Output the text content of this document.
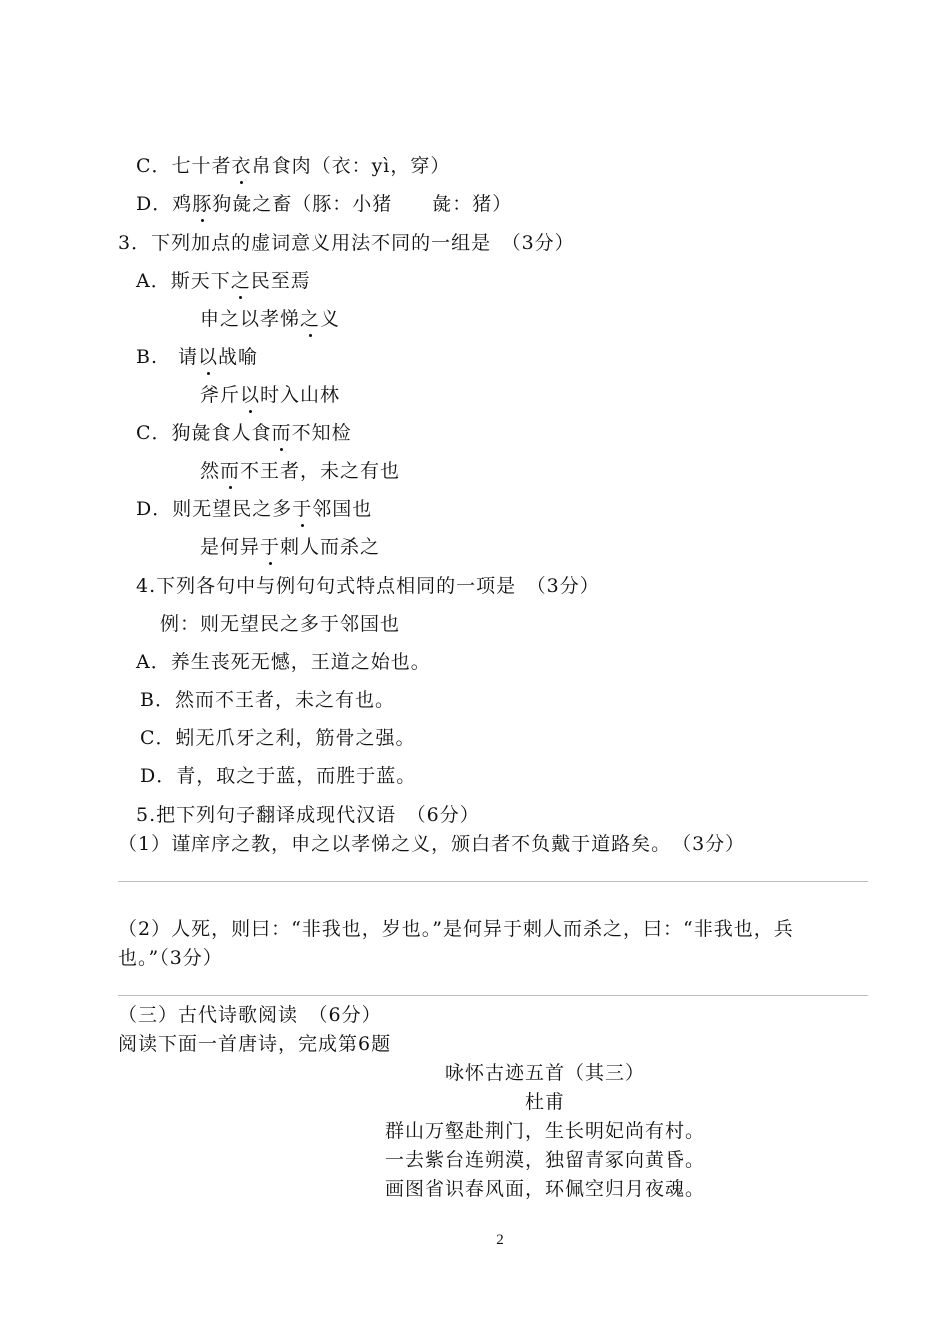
C．七十者衣帛食肉（衣：yì，穿）
D．鸡豚狗彘之畜（豚：小猪　　彘：猪）
3．下列加点的虚词意义用法不同的一组是　（3分）
A．斯天下之民至焉
申之以孝悌之义
B.　请以战喻
斧斤以时入山林
C．狗彘食人食而不知检
然而不王者，未之有也
D．则无望民之多于邻国也
是何异于刺人而杀之
4.下列各句中与例句句式特点相同的一项是　（3分）
例：则无望民之多于邻国也
A．养生丧死无憾，王道之始也。
B．然而不王者，未之有也。
C．蚓无爪牙之利，筋骨之强。
D．青，取之于蓝，而胜于蓝。
5.把下列句子翻译成现代汉语　（6分）
（1）谨庠序之教，申之以孝悌之义，颁白者不负戴于道路矣。　（3分）
（2）人死，则曰：“非我也，岁也。”是何异于刺人而杀之，曰：“非我也，兵
也。”（3分）
（三）古代诗歌阅读　（6分）
阅读下面一首唐诗，完成第6题
咏怀古迹五首（其三）
杜甫
群山万壑赴荆门，生长明妃尚有村。
一去紫台连朔漠，独留青冢向黄昏。
画图省识春风面，环佩空归月夜魂。
2
